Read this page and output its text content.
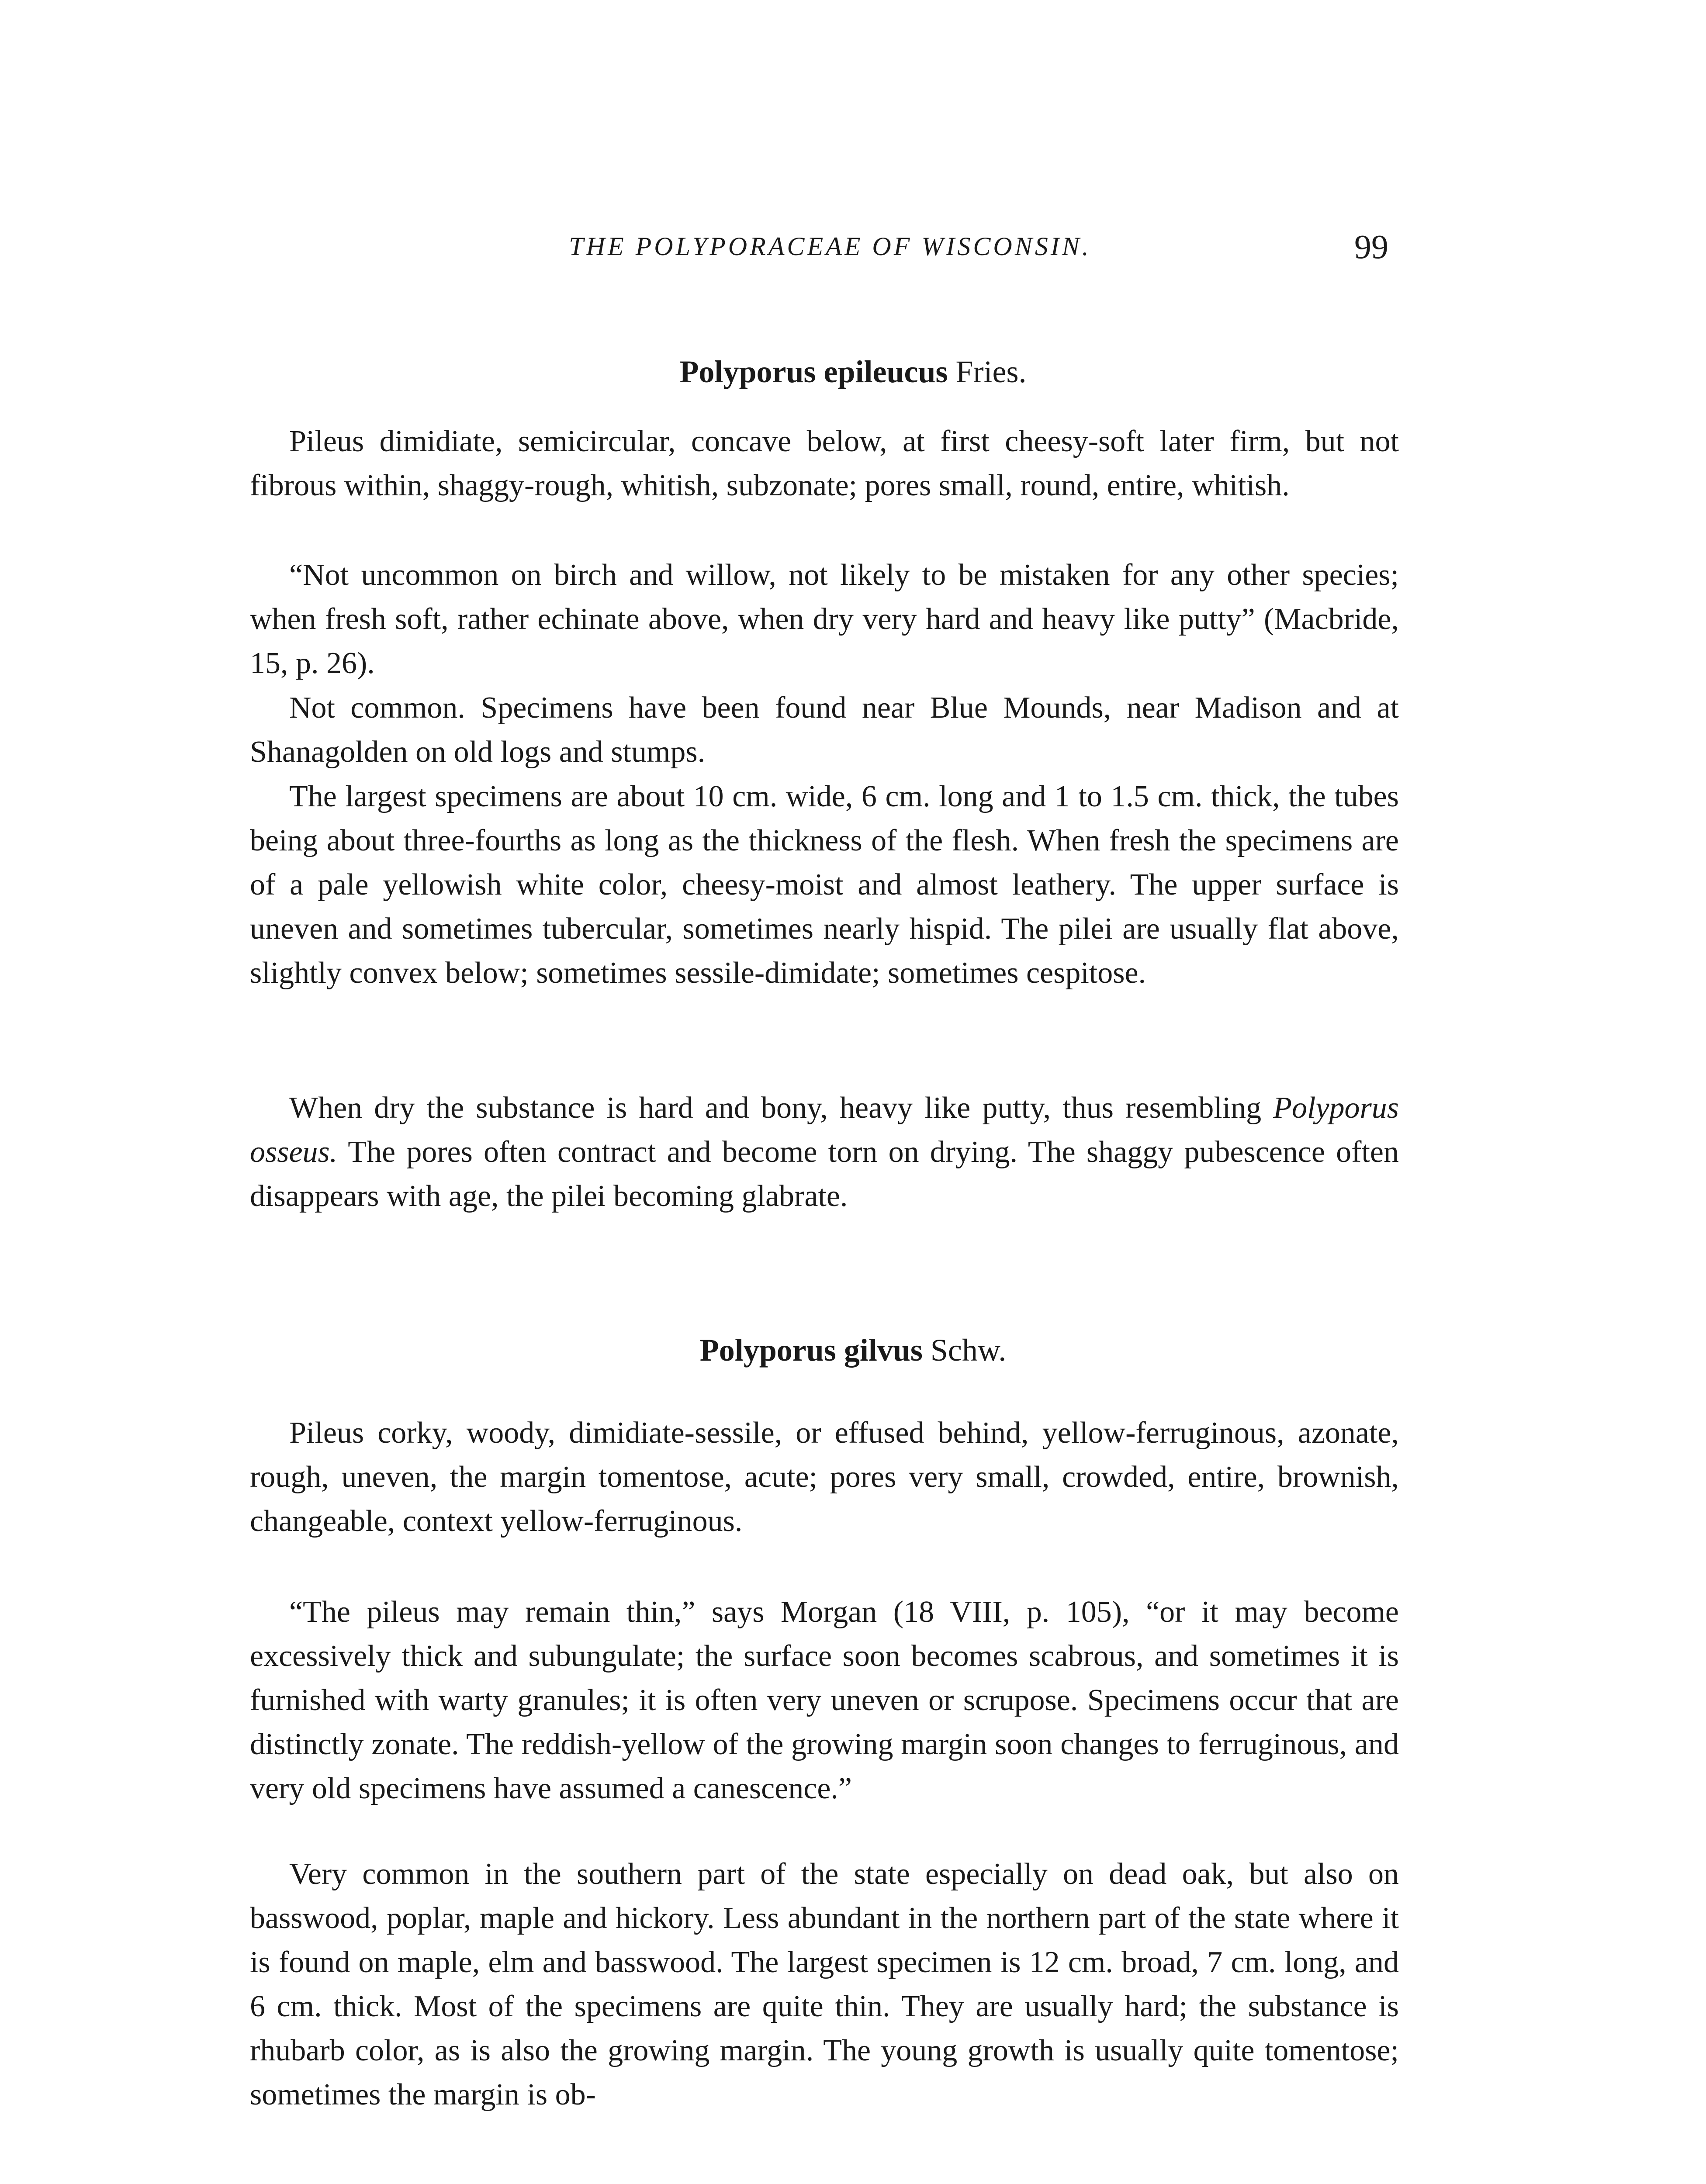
THE POLYPORACEAE OF WISCONSIN.	99
Polyporus epileucus Fries.
Pileus dimidiate, semicircular, concave below, at first cheesy-soft later firm, but not fibrous within, shaggy-rough, whitish, subzonate; pores small, round, entire, whitish.
“Not uncommon on birch and willow, not likely to be mistaken for any other species; when fresh soft, rather echinate above, when dry very hard and heavy like putty” (Macbride, 15, p. 26).
Not common. Specimens have been found near Blue Mounds, near Madison and at Shanagolden on old logs and stumps.
The largest specimens are about 10 cm. wide, 6 cm. long and 1 to 1.5 cm. thick, the tubes being about three-fourths as long as the thickness of the flesh. When fresh the specimens are of a pale yellowish white color, cheesy-moist and almost leathery. The upper surface is uneven and sometimes tubercular, sometimes nearly hispid. The pilei are usually flat above, slightly convex below; sometimes sessile-dimidate; sometimes cespitose.
When dry the substance is hard and bony, heavy like putty, thus resembling Polyporus osseus. The pores often contract and become torn on drying. The shaggy pubescence often disappears with age, the pilei becoming glabrate.
Polyporus gilvus Schw.
Pileus corky, woody, dimidiate-sessile, or effused behind, yellow-ferruginous, azonate, rough, uneven, the margin tomentose, acute; pores very small, crowded, entire, brownish, changeable, context yellow-ferruginous.
“The pileus may remain thin,” says Morgan (18 VIII, p. 105), “or it may become excessively thick and subungulate; the surface soon becomes scabrous, and sometimes it is furnished with warty granules; it is often very uneven or scrupose. Specimens occur that are distinctly zonate. The reddish-yellow of the growing margin soon changes to ferruginous, and very old specimens have assumed a canescence.”
Very common in the southern part of the state especially on dead oak, but also on basswood, poplar, maple and hickory. Less abundant in the northern part of the state where it is found on maple, elm and basswood. The largest specimen is 12 cm. broad, 7 cm. long, and 6 cm. thick. Most of the specimens are quite thin. They are usually hard; the substance is rhubarb color, as is also the growing margin. The young growth is usually quite tomentose; sometimes the margin is ob-
